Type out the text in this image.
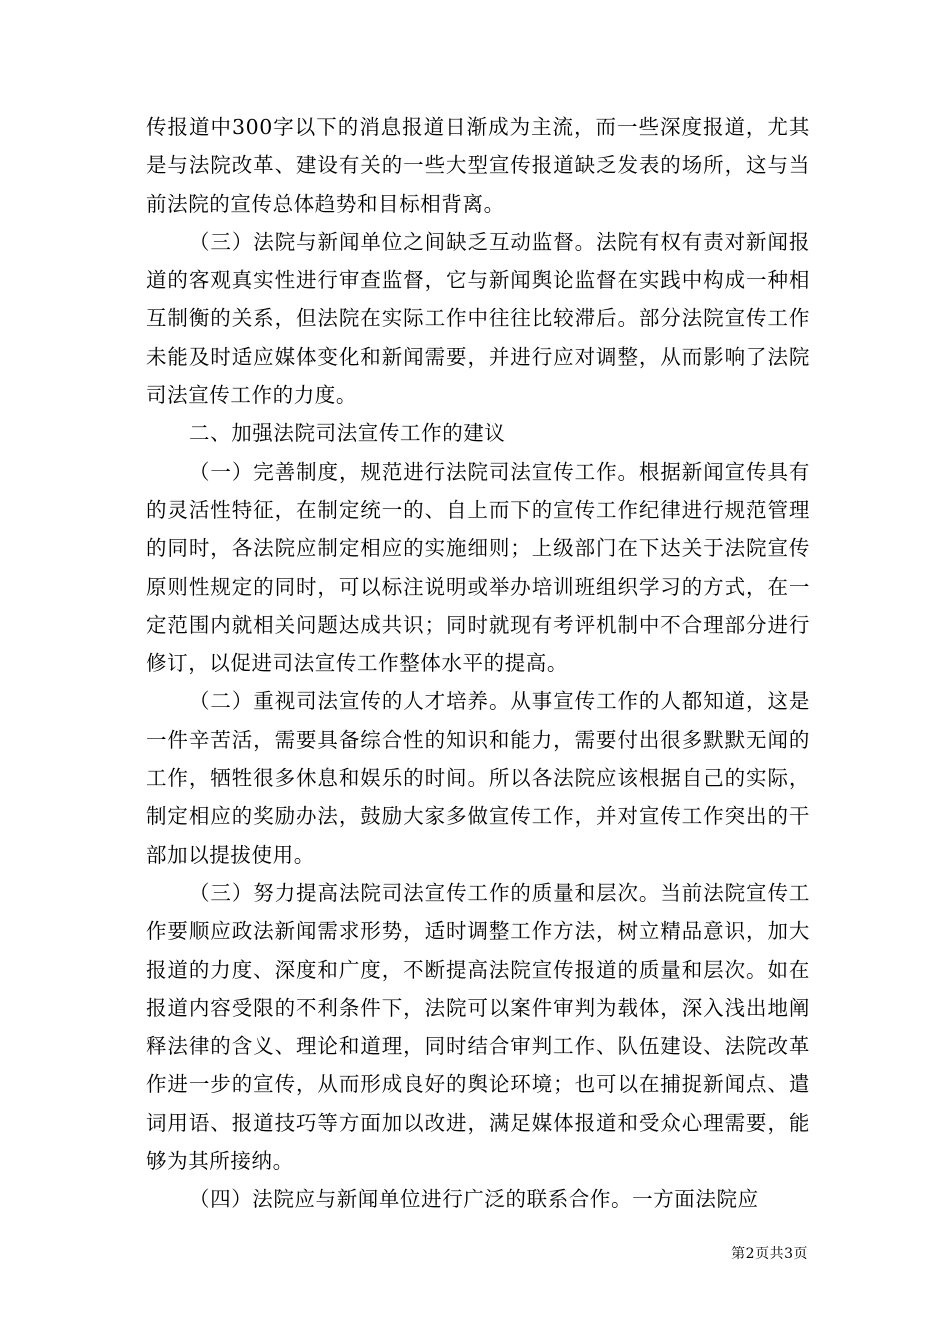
传报道中300字以下的消息报道日渐成为主流，而一些深度报道，尤其是与法院改革、建设有关的一些大型宣传报道缺乏发表的场所，这与当前法院的宣传总体趋势和目标相背离。

（三）法院与新闻单位之间缺乏互动监督。法院有权有责对新闻报道的客观真实性进行审查监督，它与新闻舆论监督在实践中构成一种相互制衡的关系，但法院在实际工作中往往比较滞后。部分法院宣传工作未能及时适应媒体变化和新闻需要，并进行应对调整，从而影响了法院司法宣传工作的力度。

二、加强法院司法宣传工作的建议

（一）完善制度，规范进行法院司法宣传工作。根据新闻宣传具有的灵活性特征，在制定统一的、自上而下的宣传工作纪律进行规范管理的同时，各法院应制定相应的实施细则；上级部门在下达关于法院宣传原则性规定的同时，可以标注说明或举办培训班组织学习的方式，在一定范围内就相关问题达成共识；同时就现有考评机制中不合理部分进行修订，以促进司法宣传工作整体水平的提高。

（二）重视司法宣传的人才培养。从事宣传工作的人都知道，这是一件辛苦活，需要具备综合性的知识和能力，需要付出很多默默无闻的工作，牺牲很多休息和娱乐的时间。所以各法院应该根据自己的实际，制定相应的奖励办法，鼓励大家多做宣传工作，并对宣传工作突出的干部加以提拔使用。

（三）努力提高法院司法宣传工作的质量和层次。当前法院宣传工作要顺应政法新闻需求形势，适时调整工作方法，树立精品意识，加大报道的力度、深度和广度，不断提高法院宣传报道的质量和层次。如在报道内容受限的不利条件下，法院可以案件审判为载体，深入浅出地阐释法律的含义、理论和道理，同时结合审判工作、队伍建设、法院改革作进一步的宣传，从而形成良好的舆论环境；也可以在捕捉新闻点、遣词用语、报道技巧等方面加以改进，满足媒体报道和受众心理需要，能够为其所接纳。

（四）法院应与新闻单位进行广泛的联系合作。一方面法院应

第2页共3页
